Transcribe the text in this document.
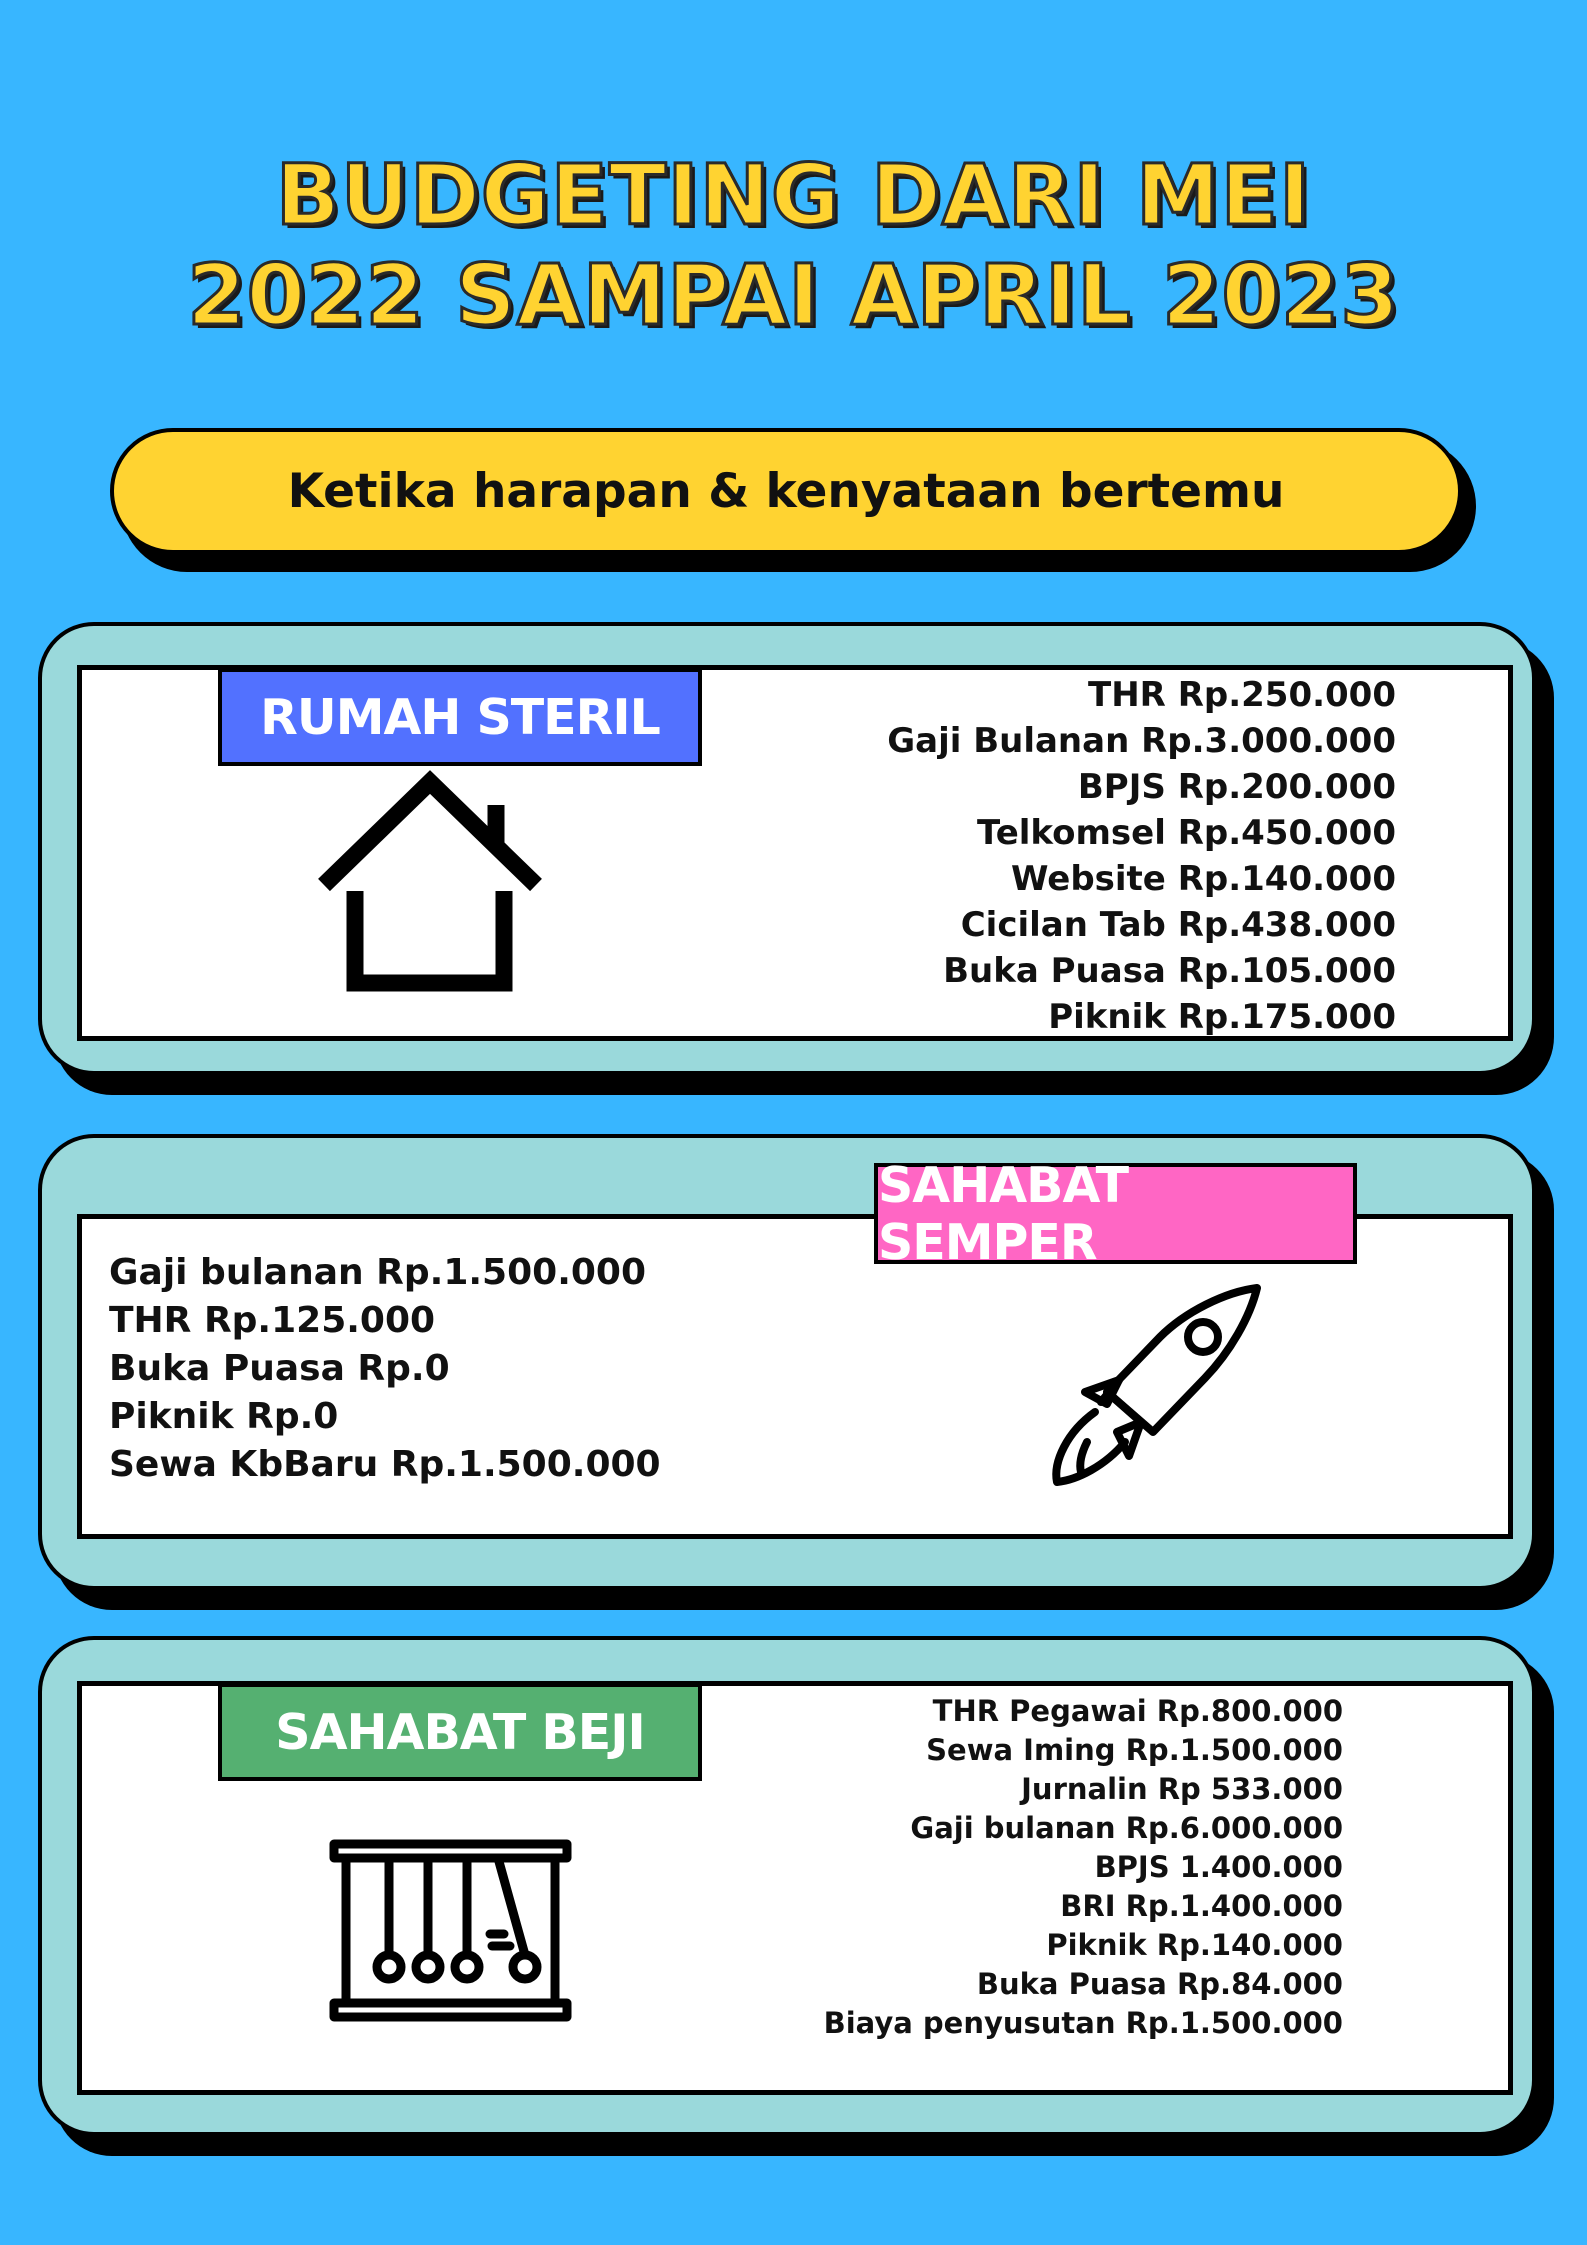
BUDGETING DARI MEI
2022 SAMPAI APRIL 2023
Ketika harapan & kenyataan bertemu
RUMAH STERIL	THR Rp.250.000
Gaji Bulanan Rp.3.000.000
BPJS Rp.200.000
Telkomsel Rp.450.000
Website Rp.140.000
Cicilan Tab Rp.438.000
Buka Puasa Rp.105.000
Piknik Rp.175.000
SAHABAT SEMPER
Gaji bulanan Rp.1.500.000
THR Rp.125.000
Buka Puasa Rp.0
Piknik Rp.0
Sewa KbBaru Rp.1.500.000
SAHABAT BEJI	THR Pegawai Rp.800.000
Sewa Iming Rp.1.500.000
Jurnalin Rp 533.000
Gaji bulanan Rp.6.000.000
BPJS 1.400.000
BRI Rp.1.400.000
Piknik Rp.140.000
Buka Puasa Rp.84.000
Biaya penyusutan Rp.1.500.000
